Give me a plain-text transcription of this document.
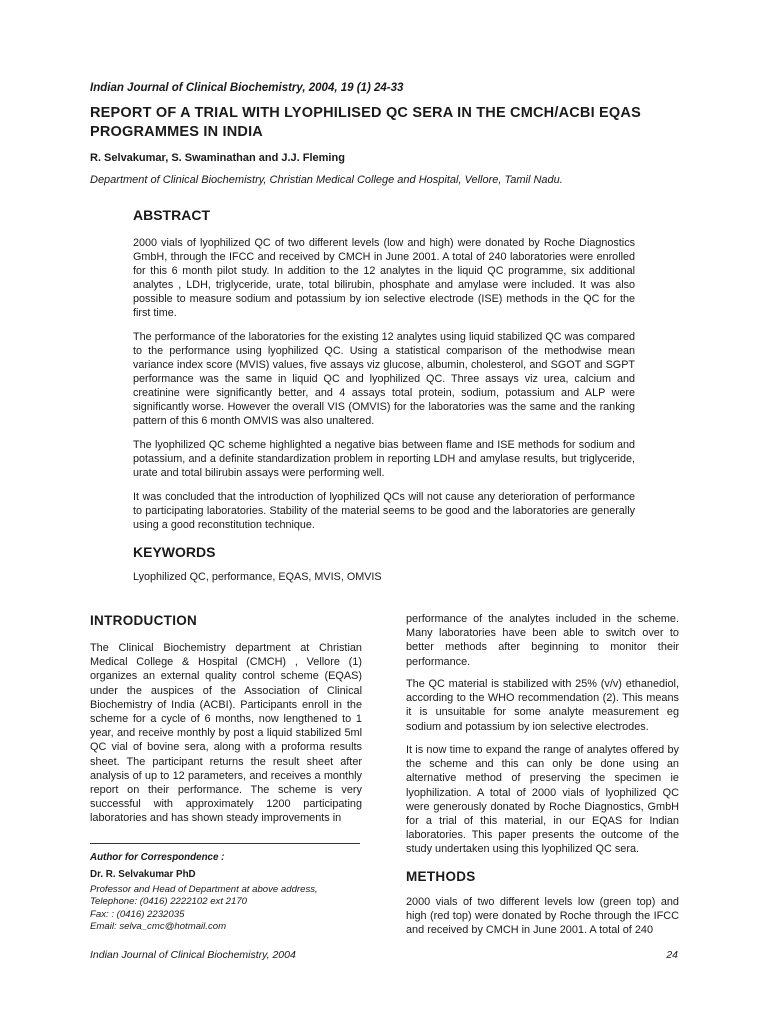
Indian Journal of Clinical Biochemistry, 2004, 19 (1) 24-33
REPORT OF A TRIAL WITH LYOPHILISED QC SERA IN THE CMCH/ACBI EQAS PROGRAMMES IN INDIA
R. Selvakumar, S. Swaminathan and J.J. Fleming
Department of Clinical Biochemistry, Christian Medical College and Hospital, Vellore, Tamil Nadu.
ABSTRACT

2000 vials of lyophilized QC of two different levels (low and high) were donated by Roche Diagnostics GmbH, through the IFCC and received by CMCH in June 2001. A total of 240 laboratories were enrolled for this 6 month pilot study. In addition to the 12 analytes in the liquid QC programme, six additional analytes , LDH, triglyceride, urate, total bilirubin, phosphate and amylase were included. It was also possible to measure sodium and potassium by ion selective electrode (ISE) methods in the QC for the first time.

The performance of the laboratories for the existing 12 analytes using liquid stabilized QC was compared to the performance using lyophilized QC. Using a statistical comparison of the methodwise mean variance index score (MVIS) values, five assays viz glucose, albumin, cholesterol, and SGOT and SGPT performance was the same in liquid QC and lyophilized QC. Three assays viz urea, calcium and creatinine were significantly better, and 4 assays total protein, sodium, potassium and ALP were significantly worse. However the overall VIS (OMVIS) for the laboratories was the same and the ranking pattern of this 6 month OMVIS was also unaltered.

The lyophilized QC scheme highlighted a negative bias between flame and ISE methods for sodium and potassium, and a definite standardization problem in reporting LDH and amylase results, but triglyceride, urate and total bilirubin assays were performing well.

It was concluded that the introduction of lyophilized QCs will not cause any deterioration of performance to participating laboratories. Stability of the material seems to be good and the laboratories are generally using a good reconstitution technique.

KEYWORDS

Lyophilized QC, performance, EQAS, MVIS, OMVIS

INTRODUCTION

The Clinical Biochemistry department at Christian Medical College & Hospital (CMCH) , Vellore (1) organizes an external quality control scheme (EQAS) under the auspices of the Association of Clinical Biochemistry of India (ACBI). Participants enroll in the scheme for a cycle of 6 months, now lengthened to 1 year, and receive monthly by post a liquid stabilized 5ml QC vial of bovine sera, along with a proforma results sheet. The participant returns the result sheet after analysis of up to 12 parameters, and receives a monthly report on their performance. The scheme is very successful with approximately 1200 participating laboratories and has shown steady improvements in

Author for Correspondence :

Dr. R. Selvakumar PhD

Professor and Head of Department at above address,
Telephone: (0416) 2222102 ext 2170
Fax: : (0416) 2232035
Email: selva_cmc@hotmail.com

performance of the analytes included in the scheme. Many laboratories have been able to switch over to better methods after beginning to monitor their performance.

The QC material is stabilized with 25% (v/v) ethanediol, according to the WHO recommendation (2). This means it is unsuitable for some analyte measurement eg sodium and potassium by ion selective electrodes.

It is now time to expand the range of analytes offered by the scheme and this can only be done using an alternative method of preserving the specimen ie lyophilization. A total of 2000 vials of lyophilized QC were generously donated by Roche Diagnostics, GmbH for a trial of this material, in our EQAS for Indian laboratories. This paper presents the outcome of the study undertaken using this lyophilized QC sera.

METHODS

2000 vials of two different levels low (green top) and high (red top) were donated by Roche through the IFCC and received by CMCH in June 2001. A total of 240

Indian Journal of Clinical Biochemistry, 2004	24
